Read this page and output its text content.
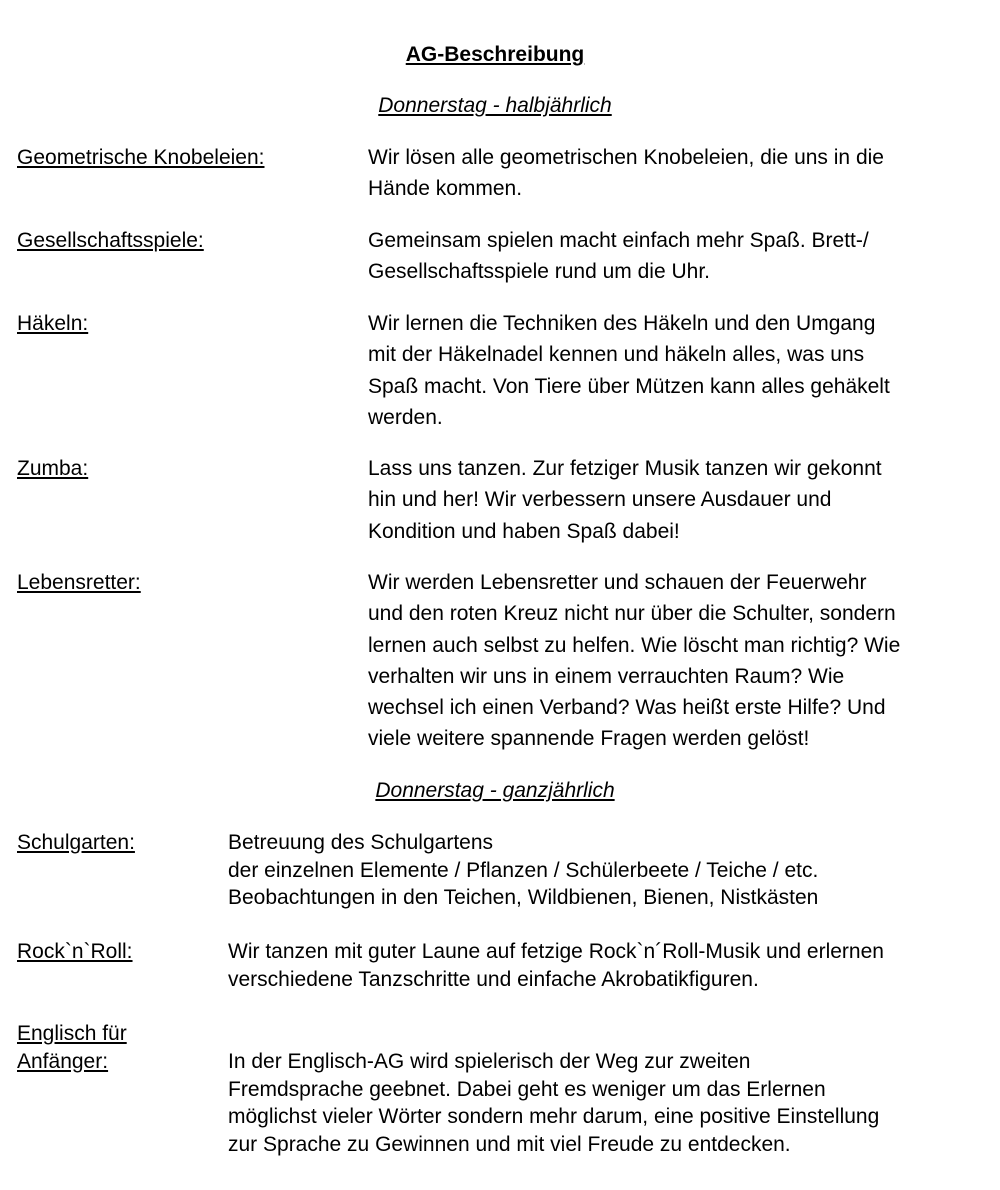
AG-Beschreibung
Donnerstag - halbjährlich
Geometrische Knobeleien:	Wir lösen alle geometrischen Knobeleien, die uns in die
Hände kommen.
Gesellschaftsspiele:	Gemeinsam spielen macht einfach mehr Spaß. Brett-/
Gesellschaftsspiele rund um die Uhr.
Häkeln:	Wir lernen die Techniken des Häkeln und den Umgang
mit der Häkelnadel kennen und häkeln alles, was uns
Spaß macht. Von Tiere über Mützen kann alles gehäkelt
werden.
Zumba:	Lass uns tanzen. Zur fetziger Musik tanzen wir gekonnt
hin und her! Wir verbessern unsere Ausdauer und
Kondition und haben Spaß dabei!
Lebensretter:	Wir werden Lebensretter und schauen der Feuerwehr
und den roten Kreuz nicht nur über die Schulter, sondern
lernen auch selbst zu helfen. Wie löscht man richtig? Wie
verhalten wir uns in einem verrauchten Raum? Wie
wechsel ich einen Verband? Was heißt erste Hilfe? Und
viele weitere spannende Fragen werden gelöst!
Donnerstag - ganzjährlich
Schulgarten:	Betreuung des Schulgartens
der einzelnen Elemente / Pflanzen / Schülerbeete / Teiche / etc.
Beobachtungen in den Teichen, Wildbienen, Bienen, Nistkästen
Rock`n`Roll:	Wir tanzen mit guter Laune auf fetzige Rock`n´Roll-Musik und erlernen
verschiedene Tanzschritte und einfache Akrobatikfiguren.
Englisch für
Anfänger:	In der Englisch-AG wird spielerisch der Weg zur zweiten
Fremdsprache geebnet. Dabei geht es weniger um das Erlernen
möglichst vieler Wörter sondern mehr darum, eine positive Einstellung
zur Sprache zu Gewinnen und mit viel Freude zu entdecken.
